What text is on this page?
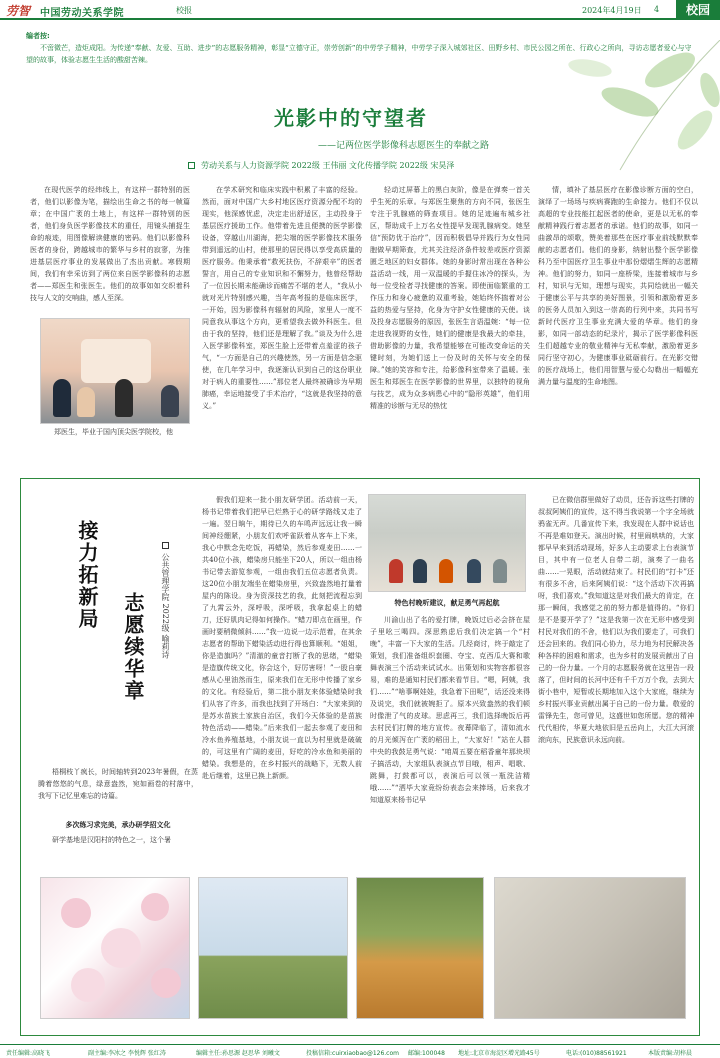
劳智 中国劳动关系学院	校报	2024年4月19日 4	校园
编者按:
不啻微芒，造炬成阳。为传递“奉献、友爱、互助、进步”的志愿服务精神，彰显“立德守正，崇劳创新”的中劳学子精神，中劳学子深入城郊社区、田野乡村、市民公园之所在、行政心之所向，寻访志愿者爱心与守望的故事，体验志愿生生活的酸甜苦辣。
光影中的守望者
——记两位医学影像科志愿医生的奉献之路
劳动关系与人力资源学院 2022级 王伟丽 文化传播学院 2022级 宋昊泽

在现代医学的经纬线上，有这样一群特别的医者，他们以影像为笔，描绘出生命之书的每一帧篇章；在中国广袤的土地上，有这样一群特别的医者，他们身负医学影像技术的重任，用镜头捕捉生命的痕迹，用图像解读健康的密码。他们以影像科医者的身份，跨越城市的繁华与乡村的寂寥，为推进基层医疗事业的发展做出了杰出贡献。寒假期间，我们有幸采访到了两位来自医学影像科的志愿者——郑医生和张医生。他们的故事如如交织着科技与人文的交响曲，感人至深。

郑医生，毕业于国内顶尖医学院校，他

在学术研究和临床实践中积累了丰富的经验。然而，面对中国广大乡村地区医疗资源分配不均的现实，他深感忧虑，决定走出舒适区，主动投身于基层医疗援助工作。他带着先进且便携的医学影像设备，穿越山川湖海，把尖端的医学影像技术服务带到遥远的山村，使那里的居民得以享受高质量的医疗服务。他秉承着“救死扶伤，不辞艰辛”的医者誓言，用自己的专业知识和不懈努力，他曾经帮助了一位因长期未能确诊而痛苦不堪的老人，“我从小就对光片特别感兴趣，当年高考报的是临床医学，一开始，因为影像科有辐射的风险，家里人一度不同意我从事这个方向，更希望我去做外科医生。但由于我的坚持，他们还是理解了我。”谈及为什么进入医学影像科室，郑医生脸上还带着点羞涩的孩子气，“一方面是自己的兴趣使然，另一方面是信念驱使，在几年学习中，我逐渐认识到自己的这份职业对于病人的重要性……”那位老人最终被确诊为早期肺癌，幸运地接受了手术治疗，“这就是我坚持的意义。”

轻动过屏幕上的黑白灰阶，像是在弹奏一首关乎生死的乐章。与郑医生聚焦的方向不同，张医生专注于乳腺癌的筛查项目。她的足迹遍布城乡社区，帮助成千上万名女性提早发现乳腺病变。她坚信“预防优于治疗”，因而积极倡导并践行为女性同胞做早期筛查，尤其关注经济条件较差或医疗资源匮乏地区的妇女群体。她的身影时常出现在各种公益活动一线，用一双温暖的手握住冰冷的探头，为每一位受检者寻找健康的答案。即使面临繁重的工作压力和身心疲惫的双重考验，她始终怀揣着对公益的热爱与坚持，化身为守护女性健康的天使。谈及投身志愿服务的原因，张医生言语温婉：“每一位走进我视野的女性，她们的健康是我最大的牵挂，借助影像的力量，我希望能够在可能改变命运的关键时刻，为她们送上一份及时的关怀与安全的保障。”她的笑容和专注，给影像科室带来了温暖。张医生和郑医生在医学影像的世界里，以独特的视角与技艺，成为众多病患心中的“隐形英雄”，他们用精准的诊断与无尽的热忱

情，填补了基层医疗在影像诊断方面的空白，演绎了一场场与疾病赛跑的生命接力。他们不仅以高超的专业技能扛起医者的使命，更是以无私的奉献精神践行着志愿者的承诺。他们的故事，如同一曲激昂的颂歌，赞美着那些在医疗事业前线默默奉献的志愿者们。他们的身影，纳射出整个医学影像科乃至中国医疗卫生事业中那份熠熠生辉的志愿精神。他们的努力，如同一座桥梁，连接着城市与乡村，知识与无知，理想与现实，共同绘就出一幅关于健康公平与共享的美好图景，引领和激励着更多的医务人员加入到这一崇高的行列中来，共同书写新时代医疗卫生事业充满大爱的华章。他们的身影，如同一部动态的纪录片，揭示了医学影像科医生们超越专业的敬业精神与无私奉献，激励着更多同行坚守初心，为健康事业砥砺前行。在光影交错的医疗战场上，他们用智慧与爱心勾勒出一幅幅充满力量与温度的生命地图。

接力拓新局
志愿续华章	公共管理学院 2022级 喻莉诗

梧桐枝丫疯长，时间轴转到2023年暑假，在蒸腾着悠悠的气息，绿意盎然，宛如画卷的村落中，我写下记忆里难忘的诗篇。

多次练习求完美，承办研学招文化

研学基地是汉阳村的特色之一，这个暑

假我们迎来一批小朋友研学团。活动前一天，杨书记带着我们把早已烂熟于心的研学路线又走了一遍。翌日晌午，期待已久的车鸣声远远让我一瞬间神经绷紧，小朋友们欢呼雀跃着从客车上下来，我心中默念先吃饭，再蜡染，然后参观麦田……一共40位小孩，蜡染房只能坐下20人，所以一组由杨书记带去游览参观，一组由我们五位志愿者负责。这20位小朋友端坐在蜡染房里，兴致盎然地打量着屋内的陈设。身为资深技艺的我，此刻把流程忘到了九霄云外，深呼吸，深呼吸，我拿起桌上的蜡刀，还好肌肉记得如何操作。“蜡刀即点在画里，作画时要稍微倾斜……”我一边说一边示范着，在其余志愿者的帮助下蜡染活动进行得也算顺利。“姐姐，你是造旗吗？”清澈的童音打断了我的思绪，“蜡染是造旗传统文化，你会这个，好厉害呀！”一股自豪感从心里油然而生，原来我们在无形中传播了家乡的文化。有经验后，第二批小朋友来体验蜡染时我们从容了许多，而我也找到了开场白：“大家来到的是苏水苗族土家族自治区，我们今天体验的是苗族特色活动——蜡染。”后来我们一起去参观了麦田和冷水鱼养殖基地，小朋友说一直以为村里就是破破的，可这里有广阔的麦田，好吃的冷水鱼和美丽的蜡染。我想是的，在乡村振兴的战略下，无数人前赴后继着，这里已换上新颜。

特色村晚听建议，献足勇气再起航

川渝山出了名的爱打牌，晚饭过后必会挤在屋子里吆三喝四。深思熟虑后我们决定搞一个“村晚”，丰富一下大家的生活。几经商讨，终于敲定了策划，我们准备组织套圈、夺宝、克西瓜大赛和歌舞表演三个活动来试试水。出策划和实物容都很容易，难的是通知村民们都来看节目。“嗯，阿姨，我们……”“啥事啊娃娃，我急着下田呢”，话还没来得及说完，我们就被婉拒了。原本兴致盎然的我们顿时像泄了气的皮球。思虑再三，我们选择晚饭后再去村民们打牌的地方宣传。夜幕降临了，清如流水的月光倾泻在广袤的稻田上，“大家好！”站在人群中央的我鼓足勇气说：“咱周五要在稻香童年那块坝子搞活动，大家组队表演点节目哦，相声、唱歌、跳舞，打鼓都可以，表演后可以领一瓶洗洁精哦……”“洒毕大家竟纷纷表态会来捧场，后来我才知道原来杨书记早

已在微信群里做好了动员，还告诉这些打牌的叔叔阿姨们的宣传，这不得当我说第一个字全场就鸦雀无声。几番宣传下来，我发现在人群中说话也不再是难如登天。演出时候，村里闹哄哄的，大家都早早来到活动现场，好多人主动要求上台表演节目，其中有一位老人自带二胡，演奏了一曲名曲……一晃眼，活动就结束了。村民们的“打卡”还有很多不舍，后来阿姨们说：“这个活动下次再搞呀，我们喜欢。”我知道这是对我们最大的肯定，在那一瞬间，我感觉之前的努力都是值得的。“你们是不是要开学了？”这是我第一次在无形中感受到村民对我们的不舍，他们以为我们要走了，可我们还会回来的。我们同心协力，尽力地为村民解决各种各样的困难和需求，也为乡村的发展贡献出了自己的一份力量。一个月的志愿服务就在这里告一段落了，但时间的长河中还有千千万万个我，去到大街小巷中，短暂或长期地加入这个大家庭，继续为乡村振兴事业贡献出属于自己的一份力量。敬爱的雷锋先生，您可曾见，这盛世如您所愿。您的精神代代相传，华夏大地依旧是五岳向上，大江大河滚滚向东，民族意识永远向前。

责任编辑:高晓飞	副主编:李冰之 李悦辉 张红涛	编辑主任:孙思源 赵思华 刘曦文	投稿信箱:cuirxiaobao@126.com 邮编:100048 地址:北京市海淀区增光路45号	电话:(010)88561921	本版责编:胡梓晨
